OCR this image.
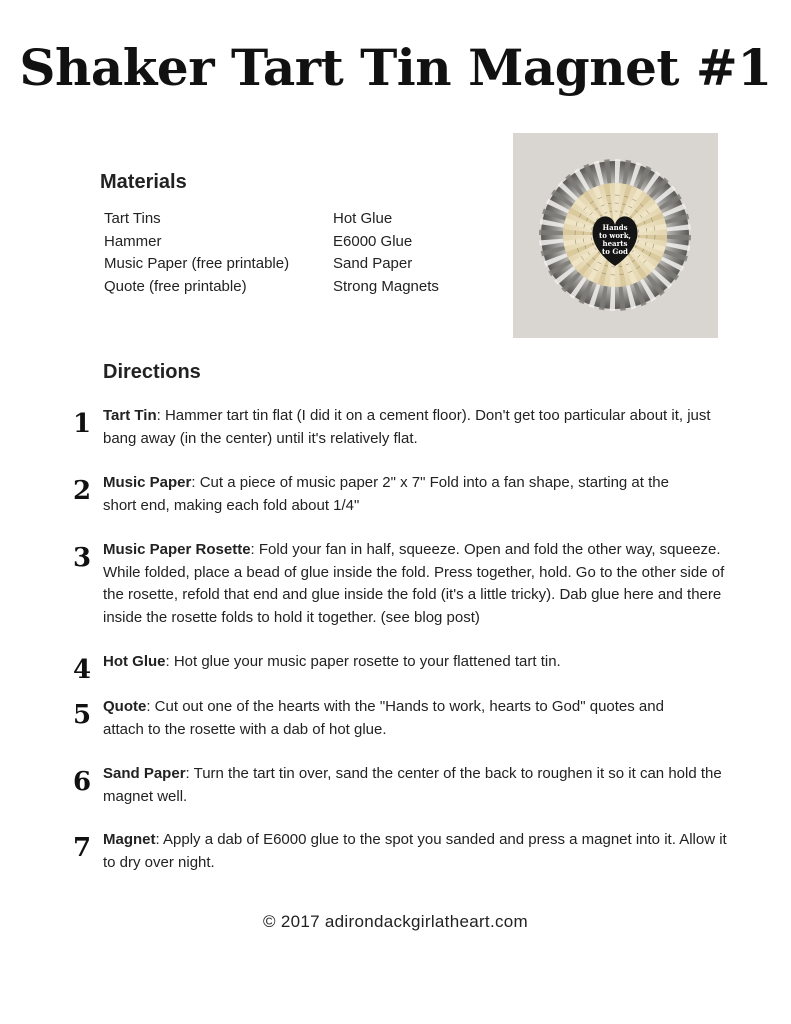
Shaker Tart Tin Magnet #1
Materials
Tart Tins
Hammer
Music Paper (free printable)
Quote (free printable)
Hot Glue
E6000 Glue
Sand Paper
Strong Magnets
Hands
to work,
hearts
to God
Directions
1 Tart Tin: Hammer tart tin flat (I did it on a cement floor). Don't get too particular about it, just bang away (in the center) until it's relatively flat.
2 Music Paper: Cut a piece of music paper 2" x 7" Fold into a fan shape, starting at the short end, making each fold about 1/4"
3 Music Paper Rosette: Fold your fan in half, squeeze. Open and fold the other way, squeeze. While folded, place a bead of glue inside the fold. Press together, hold. Go to the other side of the rosette, refold that end and glue inside the fold (it's a little tricky). Dab glue here and there inside the rosette folds to hold it together. (see blog post)
4 Hot Glue: Hot glue your music paper rosette to your flattened tart tin.
5 Quote: Cut out one of the hearts with the "Hands to work, hearts to God" quotes and attach to the rosette with a dab of hot glue.
6 Sand Paper: Turn the tart tin over, sand the center of the back to roughen it so it can hold the magnet well.
7 Magnet: Apply a dab of E6000 glue to the spot you sanded and press a magnet into it. Allow it to dry over night.
© 2017 adirondackgirlatheart.com
